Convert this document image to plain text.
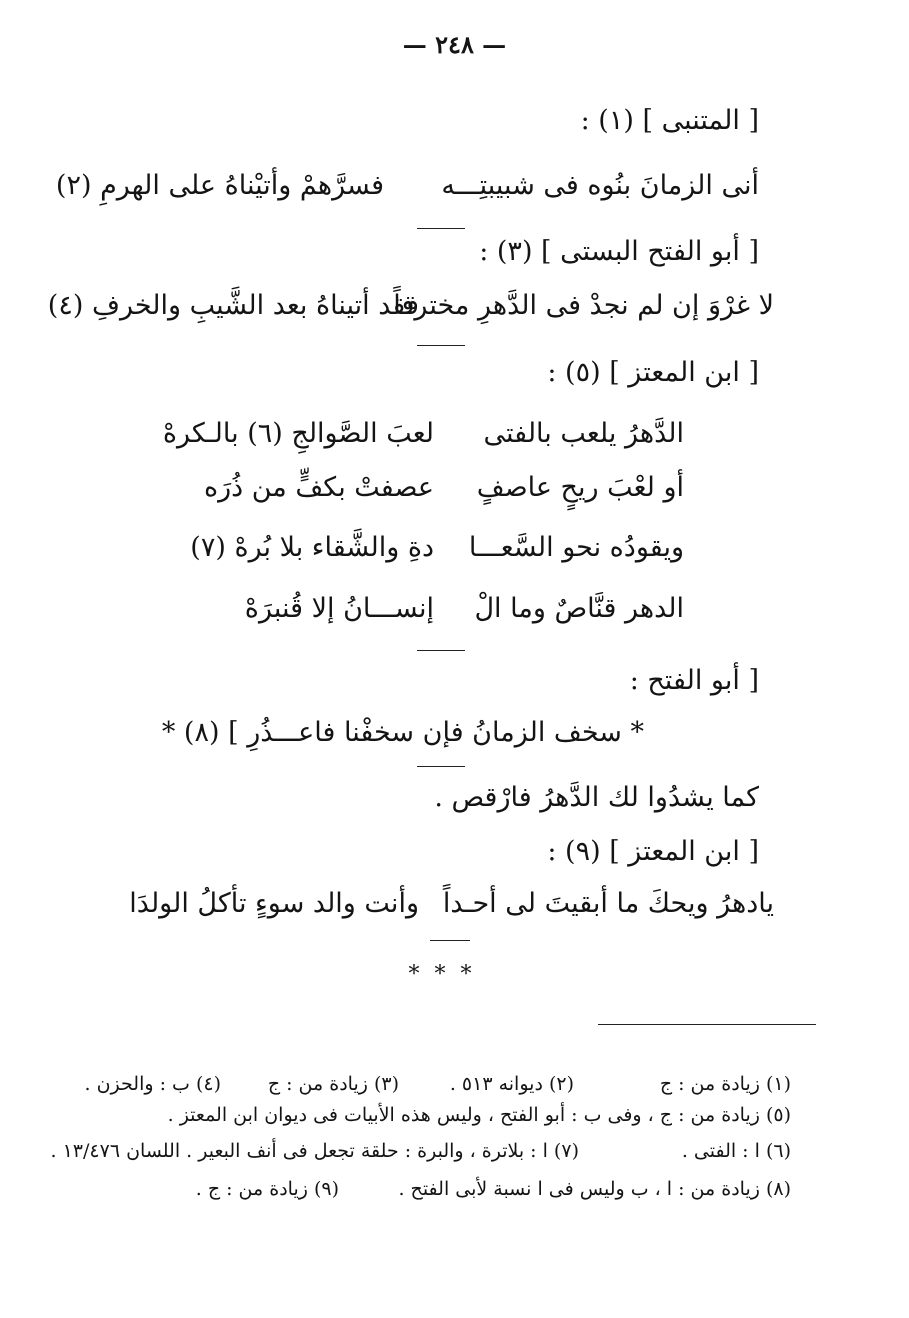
— ٢٤٨ —
[ المتنبى ] (١) :
أنى الزمانَ بنُوه فى شبيبتِـــه
فسرَّهمْ وأتيْناهُ على الهرمِ (٢)
[ أبو الفتح البستى ] (٣) :
لا غرْوَ إن لم نجدْ فى الدَّهرِ مخترفاً
فقد أتيناهُ بعد الشَّيبِ والخرفِ (٤)
[ ابن المعتز ] (٥) :
الدَّهرُ يلعب بالفتى
لعبَ الصَّوالجِ (٦) بالـكرهْ
أو لعْبَ ريحٍ عاصفٍ
عصفتْ بكفٍّ من ذُرَه
ويقودُه نحو السَّعـــا
دةِ والشَّقاء بلا بُرهْ (٧)
الدهر قنَّاصٌ وما الْ
إنســـانُ إلا قُنبرَهْ
[ أبو الفتح :
* سخف الزمانُ فإن سخفْنا فاعـــذُرِ ] (٨) *
كما يشدُوا لك الدَّهرُ فارْقص .
[ ابن المعتز ] (٩) :
يادهرُ ويحكَ ما أبقيتَ لى أحـداً
وأنت والد سوءٍ تأكلُ الولدَا
* * *
(١) زيادة من : ج
(٢) ديوانه ٥١٣ .
(٣) زيادة من : ج
(٤) ب : والحزن .
(٥) زيادة من : ج ، وفى ب : أبو الفتح ، وليس هذه الأبيات فى ديوان ابن المعتز .
(٦) ا : الفتى .
(٧) ا : بلاترة ، والبرة : حلقة تجعل فى أنف البعير . اللسان ١٣/٤٧٦ .
(٨) زيادة من : ا ، ب وليس فى ا نسبة لأبى الفتح .
(٩) زيادة من : ج .
